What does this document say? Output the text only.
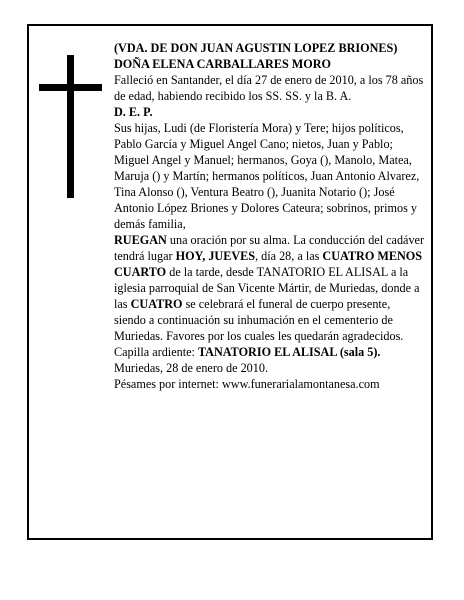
(VDA. DE DON JUAN AGUSTIN LOPEZ BRIONES)

DOÑA ELENA CARBALLARES MORO

Falleció en Santander, el día 27 de enero de 2010, a los 78 años de edad, habiendo recibido los SS. SS. y la B. A.

D. E. P.

Sus hijas, Ludi (de Floristería Mora) y Tere; hijos políticos, Pablo García y Miguel Angel Cano; nietos, Juan y Pablo; Miguel Angel y Manuel; hermanos, Goya (), Manolo, Matea, Maruja () y Martín; hermanos políticos, Juan Antonio Alvarez, Tina Alonso (), Ventura Beatro (), Juanita Notario (); José Antonio López Briones y Dolores Cateura; sobrinos, primos y demás familia,

RUEGAN una oración por su alma. La conducción del cadáver tendrá lugar HOY, JUEVES, día 28, a las CUATRO MENOS CUARTO de la tarde, desde TANATORIO EL ALISAL a la iglesia parroquial de San Vicente Mártir, de Muriedas, donde a las CUATRO se celebrará el funeral de cuerpo presente, siendo a continuación su inhumación en el cementerio de Muriedas. Favores por los cuales les quedarán agradecidos. Capilla ardiente: TANATORIO EL ALISAL (sala 5).

Muriedas, 28 de enero de 2010.

Pésames por internet: www.funerarialamontanesa.com
